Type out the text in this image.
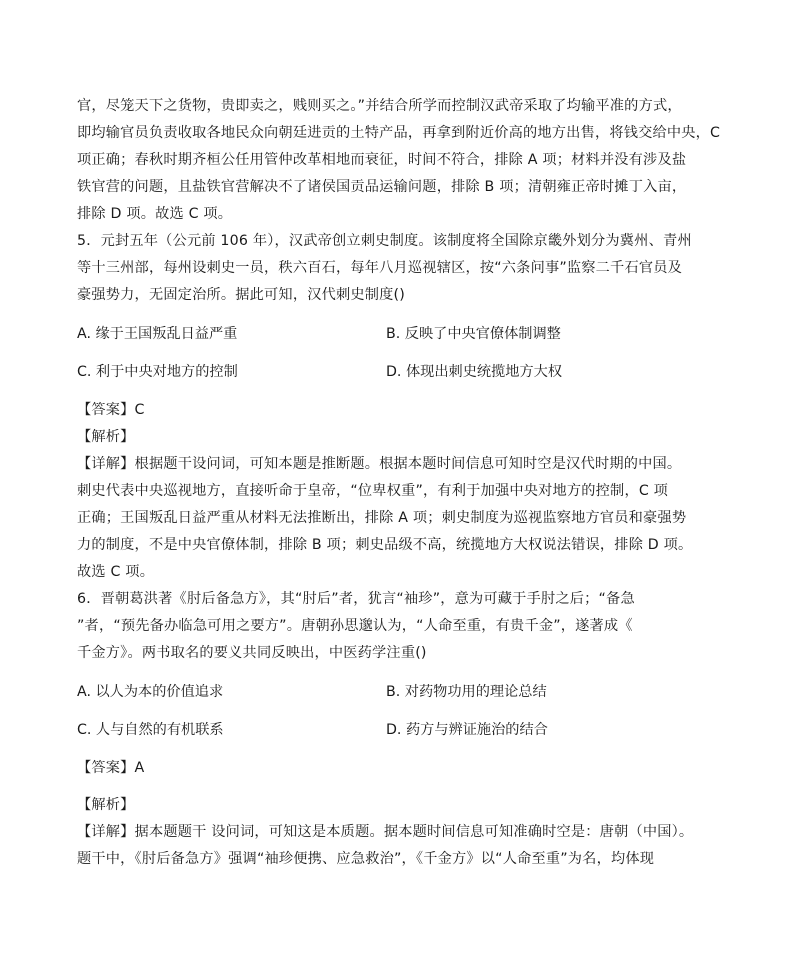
官，尽笼天下之货物，贵即卖之，贱则买之。”并结合所学而控制汉武帝采取了均输平准的方式，
即均输官员负责收取各地民众向朝廷进贡的土特产品，再拿到附近价高的地方出售，将钱交给中央，C
项正确；春秋时期齐桓公任用管仲改革相地而衰征，时间不符合，排除 A 项；材料并没有涉及盐
铁官营的问题，且盐铁官营解决不了诸侯国贡品运输问题，排除 B 项；清朝雍正帝时摊丁入亩，
排除 D 项。故选 C 项。
5．元封五年（公元前 106 年），汉武帝创立刺史制度。该制度将全国除京畿外划分为冀州、青州
等十三州部，每州设刺史一员，秩六百石，每年八月巡视辖区，按“六条问事”监察二千石官员及
豪强势力，无固定治所。据此可知，汉代刺史制度()
A. 缘于王国叛乱日益严重	B. 反映了中央官僚体制调整
C. 利于中央对地方的控制	D. 体现出刺史统揽地方大权
【答案】C
【解析】
【详解】根据题干设问词，可知本题是推断题。根据本题时间信息可知时空是汉代时期的中国。
刺史代表中央巡视地方，直接听命于皇帝，“位卑权重”，有利于加强中央对地方的控制，C 项
正确；王国叛乱日益严重从材料无法推断出，排除 A 项；刺史制度为巡视监察地方官员和豪强势
力的制度，不是中央官僚体制，排除 B 项；刺史品级不高，统揽地方大权说法错误，排除 D 项。
故选 C 项。
6．晋朝葛洪著《肘后备急方》，其“肘后”者，犹言“袖珍”，意为可藏于手肘之后；“备急
”者，“预先备办临急可用之要方”。唐朝孙思邈认为，“人命至重，有贵千金”，遂著成《
千金方》。两书取名的要义共同反映出，中医药学注重()
A. 以人为本的价值追求	B. 对药物功用的理论总结
C. 人与自然的有机联系	D. 药方与辨证施治的结合
【答案】A
【解析】
【详解】据本题题干 设问词，可知这是本质题。据本题时间信息可知准确时空是：唐朝（中国）。
题干中，《肘后备急方》强调“袖珍便携、应急救治”，《千金方》以“人命至重”为名，均体现
